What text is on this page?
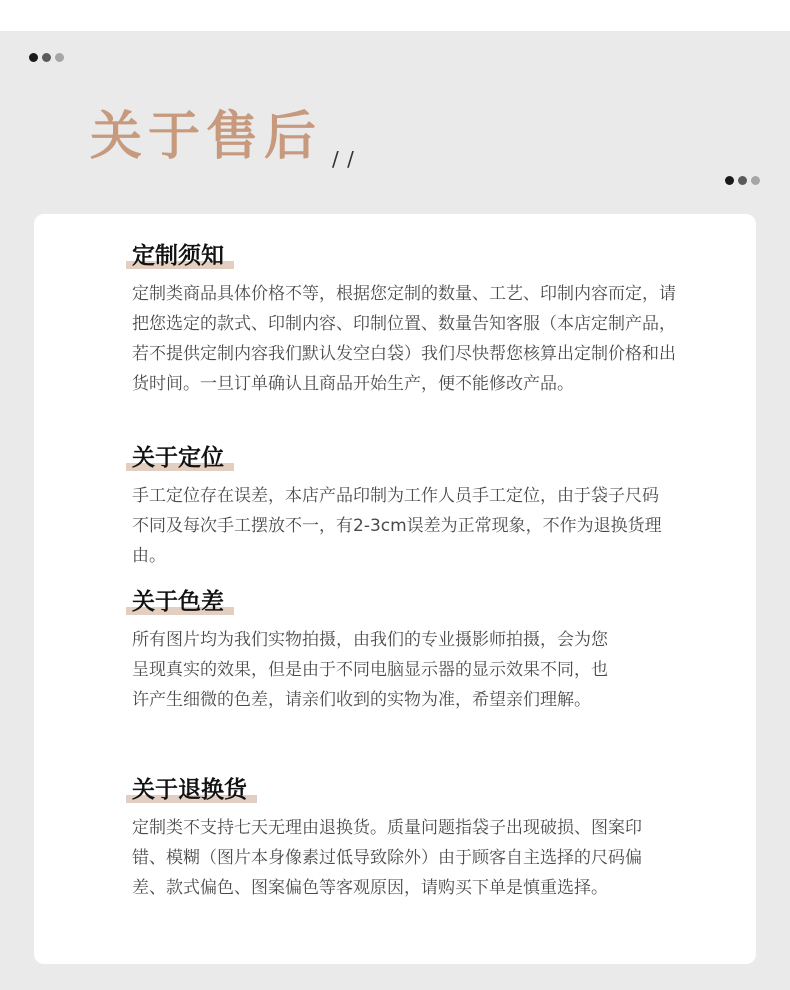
关于售后 / /
定制须知
定制类商品具体价格不等，根据您定制的数量、工艺、印制内容而定，请把您选定的款式、印制内容、印制位置、数量告知客服（本店定制产品，若不提供定制内容我们默认发空白袋）我们尽快帮您核算出定制价格和出货时间。一旦订单确认且商品开始生产，便不能修改产品。
关于定位
手工定位存在误差，本店产品印制为工作人员手工定位，由于袋子尺码不同及每次手工摆放不一，有2-3cm误差为正常现象，不作为退换货理由。
关于色差
所有图片均为我们实物拍摄，由我们的专业摄影师拍摄，会为您呈现真实的效果，但是由于不同电脑显示器的显示效果不同，也许产生细微的色差，请亲们收到的实物为准，希望亲们理解。
关于退换货
定制类不支持七天无理由退换货。质量问题指袋子出现破损、图案印错、模糊（图片本身像素过低导致除外）由于顾客自主选择的尺码偏差、款式偏色、图案偏色等客观原因，请购买下单是慎重选择。
